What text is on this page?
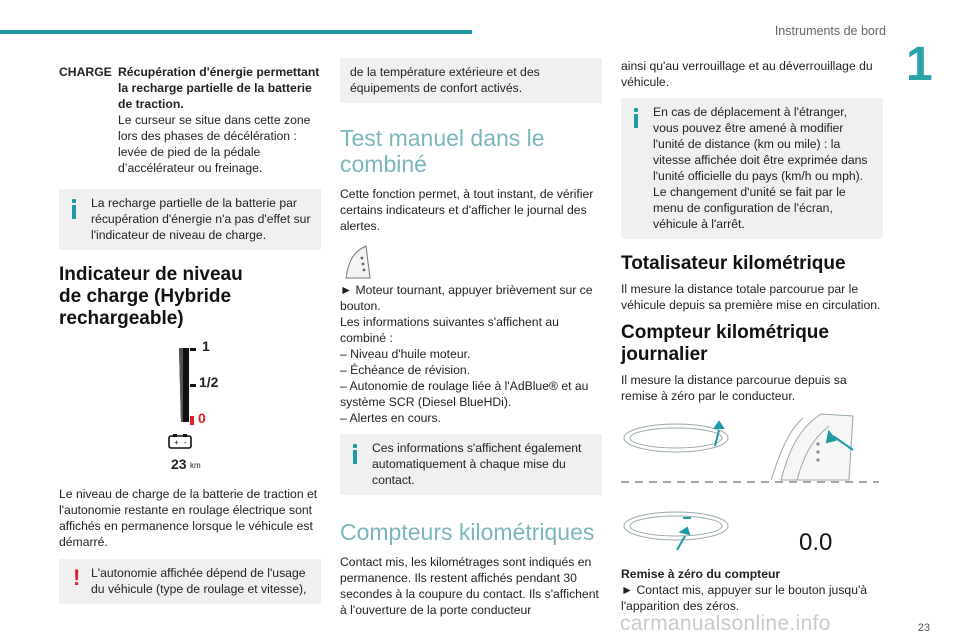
Instruments de bord
1
CHARGE Récupération d'énergie permettant la recharge partielle de la batterie de traction.
Le curseur se situe dans cette zone lors des phases de décélération : levée de pied de la pédale d’accélérateur ou freinage.
La recharge partielle de la batterie par récupération d'énergie n'a pas d'effet sur l'indicateur de niveau de charge.
Indicateur de niveau de charge (Hybride rechargeable)
+ -
1
1/2
0
23 km
Le niveau de charge de la batterie de traction et l'autonomie restante en roulage électrique sont affichés en permanence lorsque le véhicule est démarré.
! L'autonomie affichée dépend de l'usage du véhicule (type de roulage et vitesse),
de la température extérieure et des équipements de confort activés.
Test manuel dans le combiné
Cette fonction permet, à tout instant, de vérifier certains indicateurs et d'afficher le journal des alertes.
► Moteur tournant, appuyer brièvement sur ce bouton.
Les informations suivantes s'affichent au combiné :
– Niveau d'huile moteur.
– Échéance de révision.
– Autonomie de roulage liée à l'AdBlue® et au système SCR (Diesel BlueHDi).
– Alertes en cours.
Ces informations s'affichent également automatiquement à chaque mise du contact.
Compteurs kilométriques
Contact mis, les kilométrages sont indiqués en permanence. Ils restent affichés pendant 30 secondes à la coupure du contact. Ils s'affichent à l'ouverture de la porte conducteur
ainsi qu'au verrouillage et au déverrouillage du véhicule.
En cas de déplacement à l'étranger, vous pouvez être amené à modifier l'unité de distance (km ou mile) : la vitesse affichée doit être exprimée dans l'unité officielle du pays (km/h ou mph). Le changement d'unité se fait par le menu de configuration de l'écran, véhicule à l'arrêt.
Totalisateur kilométrique
Il mesure la distance totale parcourue par le véhicule depuis sa première mise en circulation.
Compteur kilométrique journalier
Il mesure la distance parcourue depuis sa remise à zéro par le conducteur.
0.0
Remise à zéro du compteur
► Contact mis, appuyer sur le bouton jusqu'à l'apparition des zéros.
carmanualsonline.info	23
